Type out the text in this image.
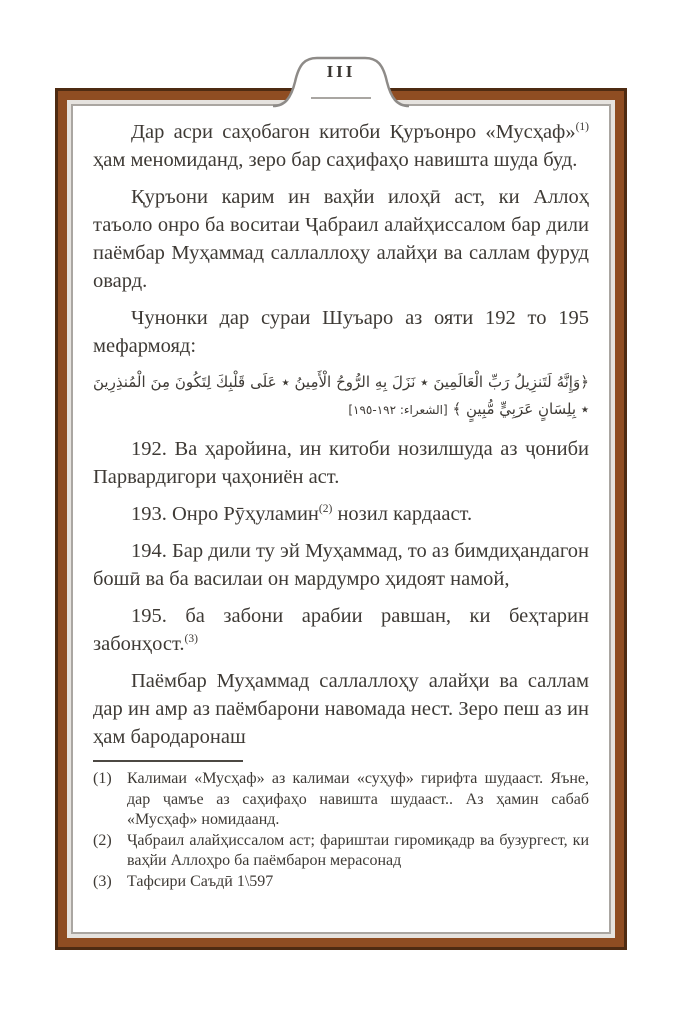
III

Дар асри саҳобагон китоби Қуръонро «Мусҳаф»$^{(1)}$ ҳам меномиданд, зеро бар саҳифаҳо навишта шуда буд.

Қуръони карим ин ваҳйи илоҳӣ аст, ки Аллоҳ таъоло онро ба воситаи Ҷабраил алайҳиссалом бар дили паёмбар Муҳаммад саллаллоҳу алайҳи ва саллам фуруд овард.

Чунонки дар сураи Шуъаро аз ояти 192 то 195 мефармояд:

﴿وَإِنَّهُ لَتَنزِيلُ رَبِّ الْعَالَمِينَ ٭ نَزَلَ بِهِ الرُّوحُ الْأَمِينُ ٭ عَلَى قَلْبِكَ لِتَكُونَ مِنَ الْمُنذِرِينَ ٭ بِلِسَانٍ عَرَبِيٍّ مُّبِينٍ ﴾ [الشعراء: ١٩٢-١٩٥]

192. Ва ҳаройина, ин китоби нозилшуда аз ҷониби Парвардигори ҷаҳониён аст.

193. Онро Рӯҳуламин$^{(2)}$ нозил кардааст.

194. Бар дили ту эй Муҳаммад, то аз бимдиҳандагон бошӣ ва ба василаи он мардумро ҳидоят намой,

195. ба забони арабии равшан, ки беҳтарин забонҳост.$^{(3)}$

Паёмбар Муҳаммад саллаллоҳу алайҳи ва саллам дар ин амр аз паёмбарони навомада нест. Зеро пеш аз ин ҳам бародаронаш

(1) Калимаи «Мусҳаф» аз калимаи «суҳуф» гирифта шудааст. Яъне, дар ҷамъе аз саҳифаҳо навишта шудааст.. Аз ҳамин сабаб «Мусҳаф» номидаанд.
(2) Ҷабраил алайҳиссалом аст; фариштаи гиромиқадр ва бузургест, ки ваҳйи Аллоҳро ба паёмбарон мерасонад
(3) Тафсири Саъдӣ 1\597
